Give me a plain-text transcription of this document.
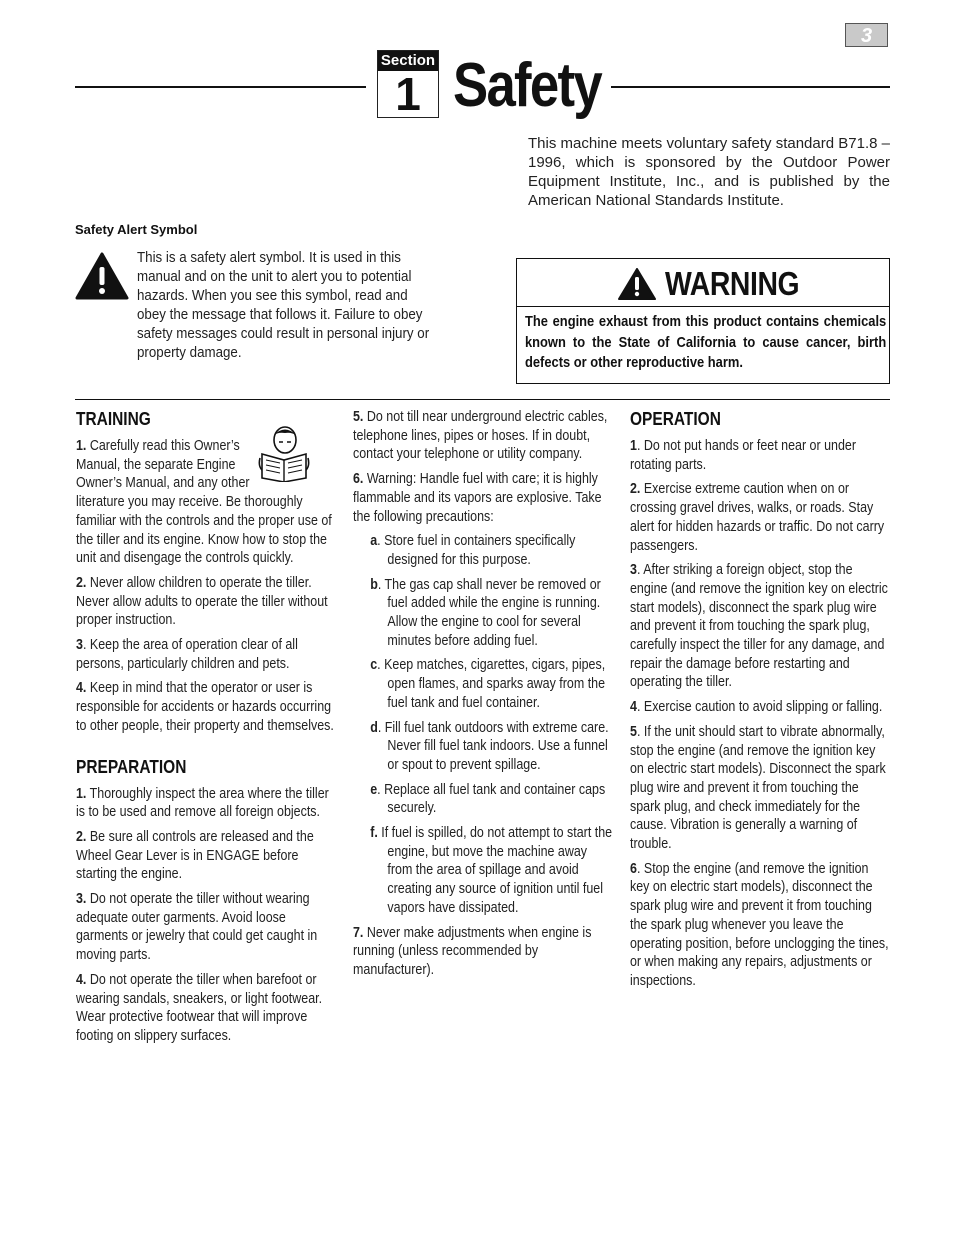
3
Section
1 Safety
This machine meets voluntary safety standard B71.8 – 1996, which is sponsored by the Outdoor Power Equipment Institute, Inc., and is published by the American National Standards Institute.
Safety Alert Symbol
This is a safety alert symbol. It is used in this manual and on the unit to alert you to potential hazards. When you see this symbol, read and obey the message that follows it. Failure to obey safety messages could result in personal injury or property damage.
WARNING
The engine exhaust from this product contains chemicals known to the State of California to cause cancer, birth defects or other reproductive harm.
TRAINING

1. Carefully read this Owner’s Manual, the separate Engine Owner’s Manual, and any other literature you may receive. Be thoroughly familiar with the controls and the proper use of the tiller and its engine. Know how to stop the unit and disengage the controls quickly.

2. Never allow children to operate the tiller. Never allow adults to operate the tiller without proper instruction.

3. Keep the area of operation clear of all persons, particularly children and pets.

4. Keep in mind that the operator or user is responsible for accidents or hazards occurring to other people, their property and themselves.

PREPARATION

1. Thoroughly inspect the area where the tiller is to be used and remove all foreign objects.

2. Be sure all controls are released and the Wheel Gear Lever is in ENGAGE before starting the engine.

3. Do not operate the tiller without wearing adequate outer garments. Avoid loose garments or jewelry that could get caught in moving parts.

4. Do not operate the tiller when barefoot or wearing sandals, sneakers, or light footwear. Wear protective footwear that will improve footing on slippery surfaces.

5. Do not till near underground electric cables, telephone lines, pipes or hoses. If in doubt, contact your telephone or utility company.

6. Warning: Handle fuel with care; it is highly flammable and its vapors are explosive. Take the following precautions:

a. Store fuel in containers specifically designed for this purpose.

b. The gas cap shall never be removed or fuel added while the engine is running. Allow the engine to cool for several minutes before adding fuel.

c. Keep matches, cigarettes, cigars, pipes, open flames, and sparks away from the fuel tank and fuel container.

d. Fill fuel tank outdoors with extreme care. Never fill fuel tank indoors. Use a funnel or spout to prevent spillage.

e. Replace all fuel tank and container caps securely.

f. If fuel is spilled, do not attempt to start the engine, but move the machine away from the area of spillage and avoid creating any source of ignition until fuel vapors have dissipated.

7. Never make adjustments when engine is running (unless recommended by manufacturer).

OPERATION

1. Do not put hands or feet near or under rotating parts.

2. Exercise extreme caution when on or crossing gravel drives, walks, or roads. Stay alert for hidden hazards or traffic. Do not carry passengers.

3. After striking a foreign object, stop the engine (and remove the ignition key on electric start models), disconnect the spark plug wire and prevent it from touching the spark plug, carefully inspect the tiller for any damage, and repair the damage before restarting and operating the tiller.

4. Exercise caution to avoid slipping or falling.

5. If the unit should start to vibrate abnormally, stop the engine (and remove the ignition key on electric start models). Disconnect the spark plug wire and prevent it from touching the spark plug, and check immediately for the cause. Vibration is generally a warning of trouble.

6. Stop the engine (and remove the ignition key on electric start models), disconnect the spark plug wire and prevent it from touching the spark plug whenever you leave the operating position, before unclogging the tines, or when making any repairs, adjustments or inspections.
